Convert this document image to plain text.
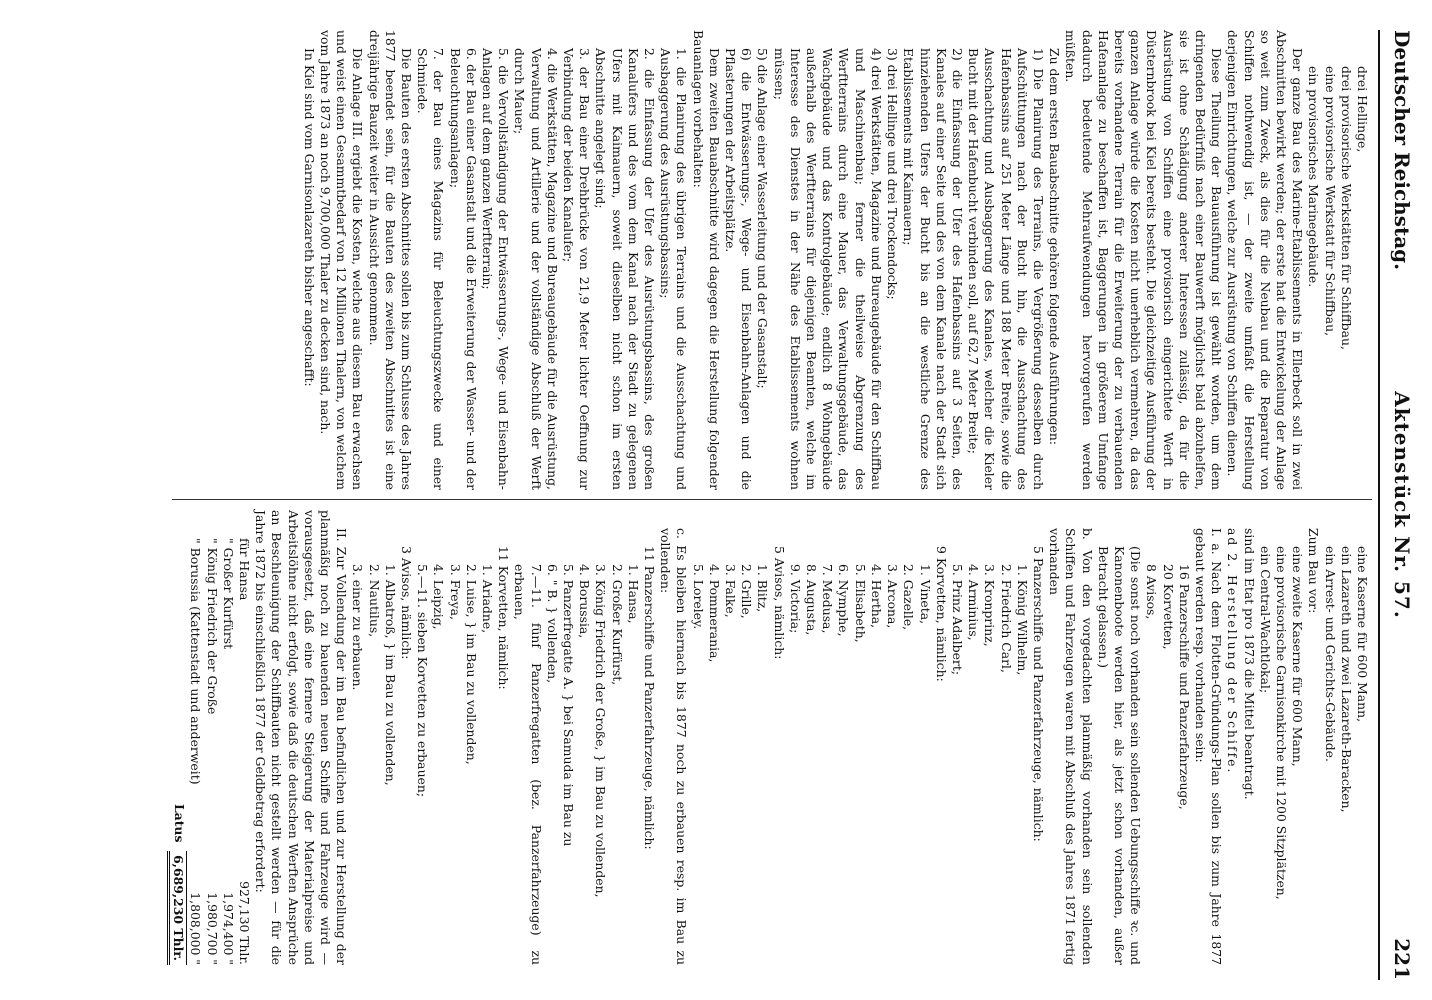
Deutscher Reichstag.
Aktenstück Nr. 57.
221

drei Hellinge,

drei provisorische Werkstätten für Schiffbau,

eine provisorische Werkstatt für Schiffbau,

ein provisorisches Marinegebäude.

Der ganze Bau des Marine-Etablissements in Ellerbeck soll in zwei Abschnitten bewirkt werden; der erste hat die Entwickelung der Anlage so weit zum Zweck, als dies für die Neubau und die Reparatur von Schiffen nothwendig ist, — der zweite umfaßt die Herstellung derjenigen Einrichtungen, welche zur Ausrüstung von Schiffen dienen.

Diese Theilung der Bauausführung ist gewählt worden, um dem dringenden Bedürfniß nach einer Bauwerft möglichst bald abzuhelfen, sie ist ohne Schädigung anderer Interessen zulässig, da für die Ausrüstung von Schiffen eine provisorisch eingerichtete Werft in Düsternbrook bei Kiel bereits besteht. Die gleichzeitige Ausführung der ganzen Anlage würde die Kosten nicht unerheblich vermehren, da das bereits vorhandene Terrain für die Erweiterung der zu verbauenden Hafenanlage zu beschaffen ist, Baggerungen in größerem Umfange dadurch bedeutende Mehraufwendungen hervorgerufen werden müßten.

Zu dem ersten Bauabschnitte gehören folgende Ausführungen:

1) Die Planirung des Terrains, die Vergrößerung desselben durch Aufschüttungen nach der Bucht hin, die Ausschachtung des Hafenbassins auf 251 Meter Länge und 188 Meter Breite, sowie die Ausschachtung und Ausbaggerung des Kanales, welcher die Kieler Bucht mit der Hafenbucht verbinden soll, auf 62,7 Meter Breite;

2) die Einfassung der Ufer des Hafenbassins auf 3 Seiten, des Kanales auf einer Seite und des von dem Kanale nach der Stadt sich hinziehenden Ufers der Bucht bis an die westliche Grenze des Etablissements mit Kaimauern;

3) drei Hellinge und drei Trockendocks;

4) drei Werkstätten, Magazine und Bureaugebäude für den Schiffbau und Maschinenbau; ferner die theilweise Abgrenzung des Werftterrains durch eine Mauer, das Verwaltungsgebäude, das Wachgebäude und das Kontrolgebäude; endlich 8 Wohngebäude außerhalb des Werftterrains für diejenigen Beamten, welche im Interesse des Dienstes in der Nähe des Etablissements wohnen müssen;

5) die Anlage einer Wasserleitung und der Gasanstalt;

6) die Entwässerungs-, Wege- und Eisenbahn-Anlagen und die Pflasterungen der Arbeitsplätze.

Dem zweiten Bauabschnitte wird dagegen die Herstellung folgender Bauanlagen vorbehalten:

1. die Planirung des übrigen Terrains und die Ausschachtung und Ausbaggerung des Ausrüstungsbassins;

2. die Einfassung der Ufer des Ausrüstungsbassins, des großen Kanalufers und des vom dem Kanal nach der Stadt zu gelegenen Ufers mit Kaimauern, soweit dieselben nicht schon im ersten Abschnitte angelegt sind;

3. der Bau einer Drehbrücke von 21,9 Meter lichter Oeffnung zur Verbindung der beiden Kanalufer;

4. die Werkstätten, Magazine und Bureaugebäude für die Ausrüstung, Verwaltung und Artillerie und der vollständige Abschluß der Werft durch Mauer;

5. die Vervollständigung der Entwässerungs-, Wege- und Eisenbahn-Anlagen auf dem ganzen Werftterrain;

6. der Bau einer Gasanstalt und die Erweiterung der Wasser- und der Beleuchtungsanlagen;

7. der Bau eines Magazins für Beleuchtungszwecke und einer Schmiede.

Die Bauten des ersten Abschnittes sollen bis zum Schlusse des Jahres 1877 beendet sein, für die Bauten des zweiten Abschnittes ist eine dreijährige Bauzeit weiter in Aussicht genommen.

Die Anlage III. ergiebt die Kosten, welche aus diesem Bau erwachsen und weist einen Gesammtbedarf von 12 Millionen Thalern, von welchem vom Jahre 1873 an noch 9,700,000 Thaler zu decken sind, nach.

In Kiel sind vom Garnisonlazareth bisher angeschafft:

eine Kaserne für 600 Mann,

ein Lazareth und zwei Lazareth-Baracken,

ein Arrest- und Gerichts-Gebäude.

Zum Bau vor:

eine zweite Kaserne für 600 Mann,

eine provisorische Garnisonkirche mit 1200 Sitzplätzen,

ein Central-Wachtlokal;

sind im Etat pro 1873 die Mittel beantragt.

ad 2. Herstellung der Schiffe.

I. a. Nach dem Flotten-Gründungs-Plan sollen bis zum Jahre 1877 gebaut werden resp. vorhanden sein:

16 Panzerschiffe und Panzerfahrzeuge,

20 Korvetten,

8 Avisos,

(Die sonst noch vorhanden sein sollenden Uebungsschiffe ꝛc. und Kanonenboote werden hier, als jetzt schon vorhanden, außer Betracht gelassen.)

b. Von den vorgedachten planmäßig vorhanden sein sollenden Schiffen und Fahrzeugen waren mit Abschluß des Jahres 1871 fertig vorhanden

5 Panzerschiffe und Panzerfahrzeuge, nämlich:

1. König Wilhelm,

2. Friedrich Carl,

3. Kronprinz,

4. Arminius,

5. Prinz Adalbert;

9 Korvetten, nämlich:

1. Vineta,

2. Gazelle,

3. Arcona,

4. Hertha,

5. Elisabeth,

6. Nymphe,

7. Medusa,

8. Augusta,

9. Victoria;

5 Avisos, nämlich:

1. Blitz,

2. Grille,

3. Falke,

4. Pommerania,

5. Loreley.

c. Es bleiben hiernach bis 1877 noch zu erbauen resp. im Bau zu vollenden:

11 Panzerschiffe und Panzerfahrzeuge, nämlich:

1. Hansa,

2. Großer Kurfürst,

3. König Friedrich der Große, } im Bau zu vollenden,

4. Borussia,

5. Panzerfregatte A. } bei Samuda im Bau zu

6. " B. } vollenden,

7.—11. fünf Panzerfregatten (bez. Panzerfahrzeuge) zu erbauen,

11 Korvetten, nämlich:

1. Ariadne,

2. Luise, } im Bau zu vollenden,

3. Freya,

4. Leipzig,

5.—11. sieben Korvetten zu erbauen;

3 Avisos, nämlich:

1. Albatroß, } im Bau zu vollenden,

2. Nautilus,

3. einer zu erbauen.

II. Zur Vollendung der im Bau befindlichen und zur Herstellung der planmäßig noch zu bauenden neuen Schiffe und Fahrzeuge wird — vorausgesetzt, daß eine fernere Steigerung der Materialpreise und Arbeitslöhne nicht erfolgt, sowie daß die deutschen Werften Ansprüche an Beschleunigung der Schiffbauten nicht gestellt werden — für die Jahre 1872 bis einschließlich 1877 der Geldbetrag erfordert:

für Hansa
927,130 Thlr.
" Großer Kurfürst
1,974,400 "
" König Friedrich der Große
1,980,700 "
" Borussia (Kattenstadt und anderweit)
1,808,000 "
Latus

6,689,230 Thlr.
